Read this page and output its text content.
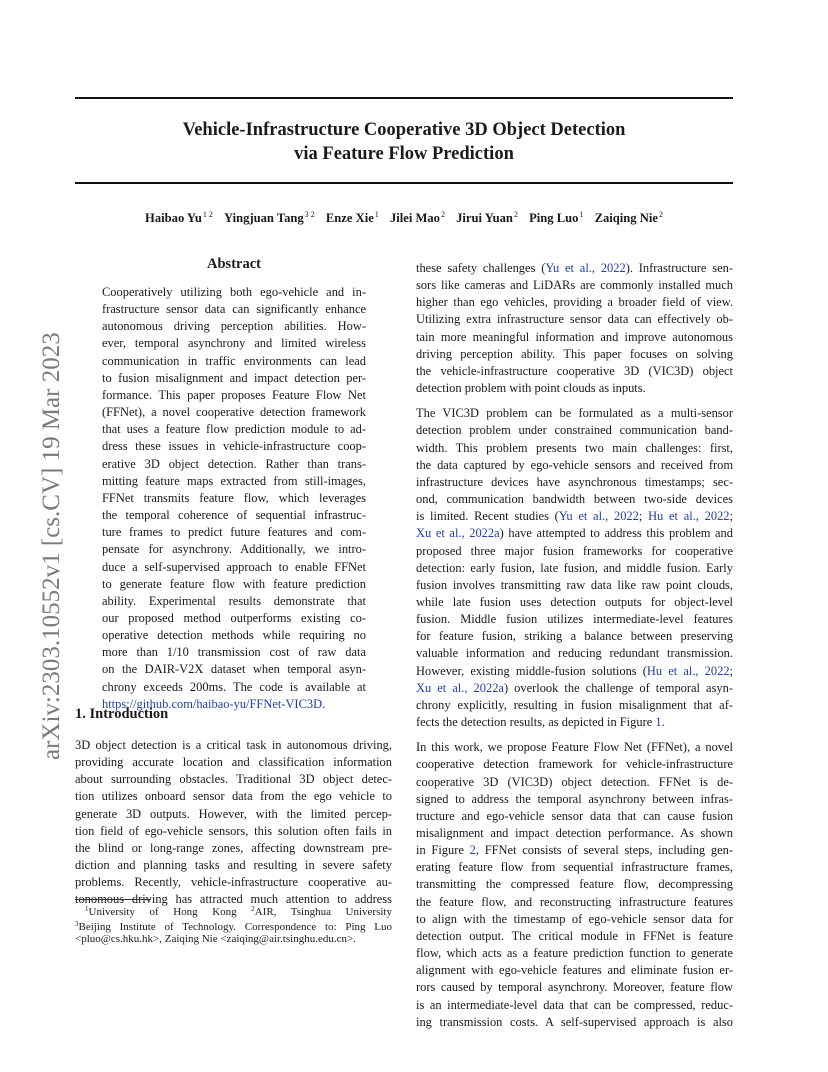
arXiv:2303.10552v1 [cs.CV] 19 Mar 2023
Vehicle-Infrastructure Cooperative 3D Object Detection
via Feature Flow Prediction
Haibao $Yu^{1 2}$ Yingjuan Tang$^{3 2}$ Enze Xie$^1$ Jilei Mao$^2$ Jirui Yuan$^2$ Ping Luo$^1$ Zaiqing Nie$^2$
Abstract
Cooperatively utilizing both ego-vehicle and in-
frastructure sensor data can significantly enhance
autonomous driving perception abilities. How-
ever, temporal asynchrony and limited wireless
communication in traffic environments can lead
to fusion misalignment and impact detection per-
formance. This paper proposes Feature Flow Net
(FFNet), a novel cooperative detection framework
that uses a feature flow prediction module to ad-
dress these issues in vehicle-infrastructure coop-
erative 3D object detection. Rather than trans-
mitting feature maps extracted from still-images,
FFNet transmits feature flow, which leverages
the temporal coherence of sequential infrastruc-
ture frames to predict future features and com-
pensate for asynchrony. Additionally, we intro-
duce a self-supervised approach to enable FFNet
to generate feature flow with feature prediction
ability. Experimental results demonstrate that
our proposed method outperforms existing co-
operative detection methods while requiring no
more than 1/10 transmission cost of raw data
on the DAIR-V2X dataset when temporal asyn-
chrony exceeds 200ms. The code is available at
https://github.com/haibao-yu/FFNet-VIC3D.
1. Introduction
3D object detection is a critical task in autonomous driving,
providing accurate location and classification information
about surrounding obstacles. Traditional 3D object detec-
tion utilizes onboard sensor data from the ego vehicle to
generate 3D outputs. However, with the limited percep-
tion field of ego-vehicle sensors, this solution often fails in
the blind or long-range zones, affecting downstream pre-
diction and planning tasks and resulting in severe safety
problems. Recently, vehicle-infrastructure cooperative au-
tonomous driving has attracted much attention to address
$^1$University of Hong Kong $^2$AIR, Tsinghua University
$^3$Beijing Institute of Technology. Correspondence to: Ping Luo
<pluo@cs.hku.hk>, Zaiqing Nie <zaiqing@air.tsinghu.edu.cn>.
these safety challenges (Yu et al., 2022). Infrastructure sen-
sors like cameras and LiDARs are commonly installed much
higher than ego vehicles, providing a broader field of view.
Utilizing extra infrastructure sensor data can effectively ob-
tain more meaningful information and improve autonomous
driving perception ability. This paper focuses on solving
the vehicle-infrastructure cooperative 3D (VIC3D) object
detection problem with point clouds as inputs.
The VIC3D problem can be formulated as a multi-sensor
detection problem under constrained communication band-
width. This problem presents two main challenges: first,
the data captured by ego-vehicle sensors and received from
infrastructure devices have asynchronous timestamps; sec-
ond, communication bandwidth between two-side devices
is limited. Recent studies (Yu et al., 2022; Hu et al., 2022;
Xu et al., 2022a) have attempted to address this problem and
proposed three major fusion frameworks for cooperative
detection: early fusion, late fusion, and middle fusion. Early
fusion involves transmitting raw data like raw point clouds,
while late fusion uses detection outputs for object-level
fusion. Middle fusion utilizes intermediate-level features
for feature fusion, striking a balance between preserving
valuable information and reducing redundant transmission.
However, existing middle-fusion solutions (Hu et al., 2022;
Xu et al., 2022a) overlook the challenge of temporal asyn-
chrony explicitly, resulting in fusion misalignment that af-
fects the detection results, as depicted in Figure 1.
In this work, we propose Feature Flow Net (FFNet), a novel
cooperative detection framework for vehicle-infrastructure
cooperative 3D (VIC3D) object detection. FFNet is de-
signed to address the temporal asynchrony between infras-
tructure and ego-vehicle sensor data that can cause fusion
misalignment and impact detection performance. As shown
in Figure 2, FFNet consists of several steps, including gen-
erating feature flow from sequential infrastructure frames,
transmitting the compressed feature flow, decompressing
the feature flow, and reconstructing infrastructure features
to align with the timestamp of ego-vehicle sensor data for
detection output. The critical module in FFNet is feature
flow, which acts as a feature prediction function to generate
alignment with ego-vehicle features and eliminate fusion er-
rors caused by temporal asynchrony. Moreover, feature flow
is an intermediate-level data that can be compressed, reduc-
ing transmission costs. A self-supervised approach is also
